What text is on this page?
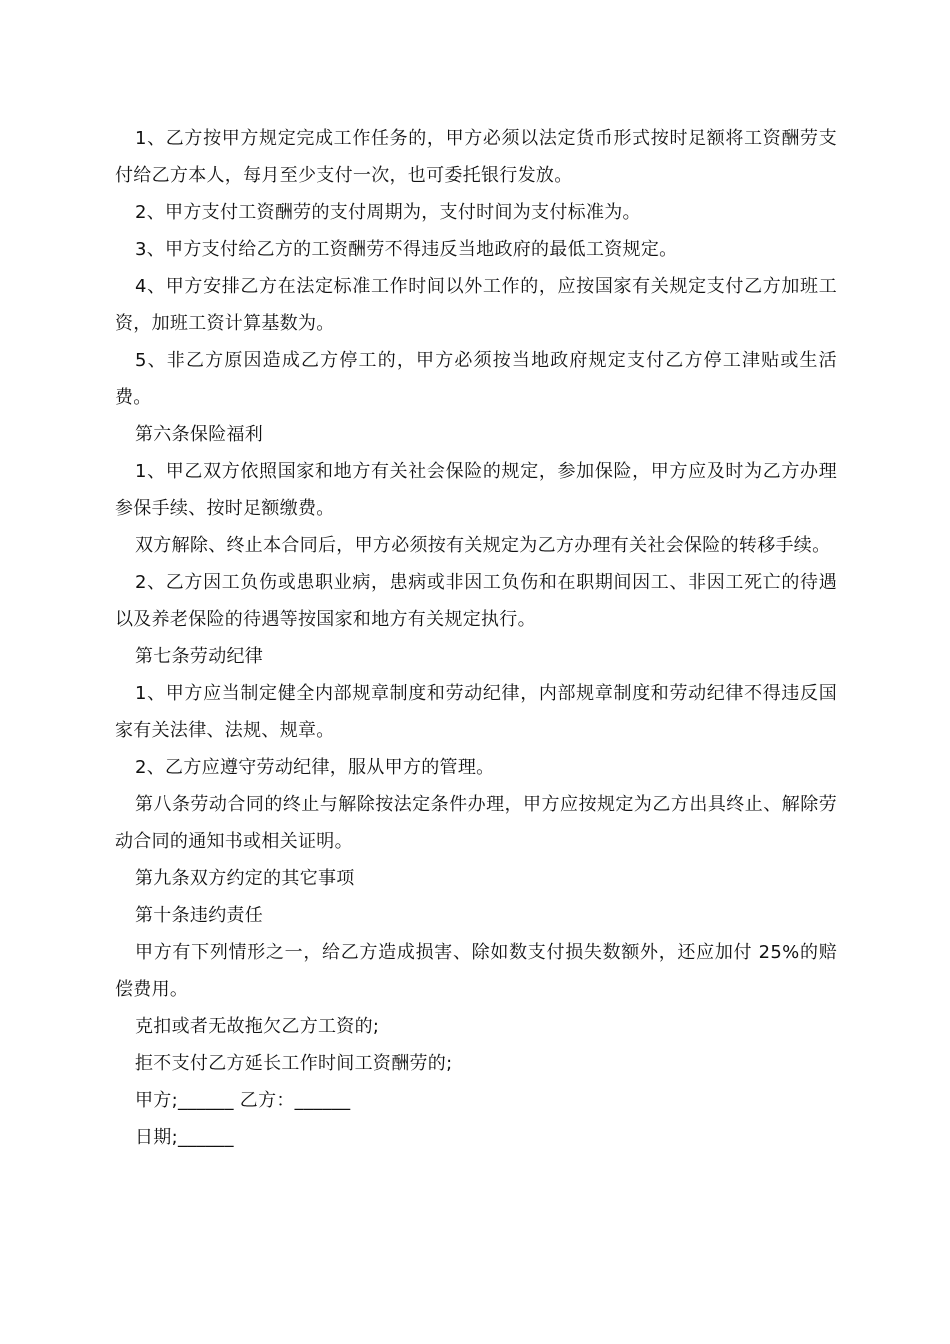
1、乙方按甲方规定完成工作任务的，甲方必须以法定货币形式按时足额将工资酬劳支付给乙方本人，每月至少支付一次，也可委托银行发放。

2、甲方支付工资酬劳的支付周期为，支付时间为支付标准为。

3、甲方支付给乙方的工资酬劳不得违反当地政府的最低工资规定。

4、甲方安排乙方在法定标准工作时间以外工作的，应按国家有关规定支付乙方加班工资，加班工资计算基数为。

5、非乙方原因造成乙方停工的，甲方必须按当地政府规定支付乙方停工津贴或生活费。

第六条保险福利

1、甲乙双方依照国家和地方有关社会保险的规定，参加保险，甲方应及时为乙方办理参保手续、按时足额缴费。

双方解除、终止本合同后，甲方必须按有关规定为乙方办理有关社会保险的转移手续。

2、乙方因工负伤或患职业病，患病或非因工负伤和在职期间因工、非因工死亡的待遇以及养老保险的待遇等按国家和地方有关规定执行。

第七条劳动纪律

1、甲方应当制定健全内部规章制度和劳动纪律，内部规章制度和劳动纪律不得违反国家有关法律、法规、规章。

2、乙方应遵守劳动纪律，服从甲方的管理。

第八条劳动合同的终止与解除按法定条件办理，甲方应按规定为乙方出具终止、解除劳动合同的通知书或相关证明。

第九条双方约定的其它事项

第十条违约责任

甲方有下列情形之一，给乙方造成损害、除如数支付损失数额外，还应加付 25%的赔偿费用。

克扣或者无故拖欠乙方工资的;

拒不支付乙方延长工作时间工资酬劳的;

甲方;______ 乙方：______

日期;______
